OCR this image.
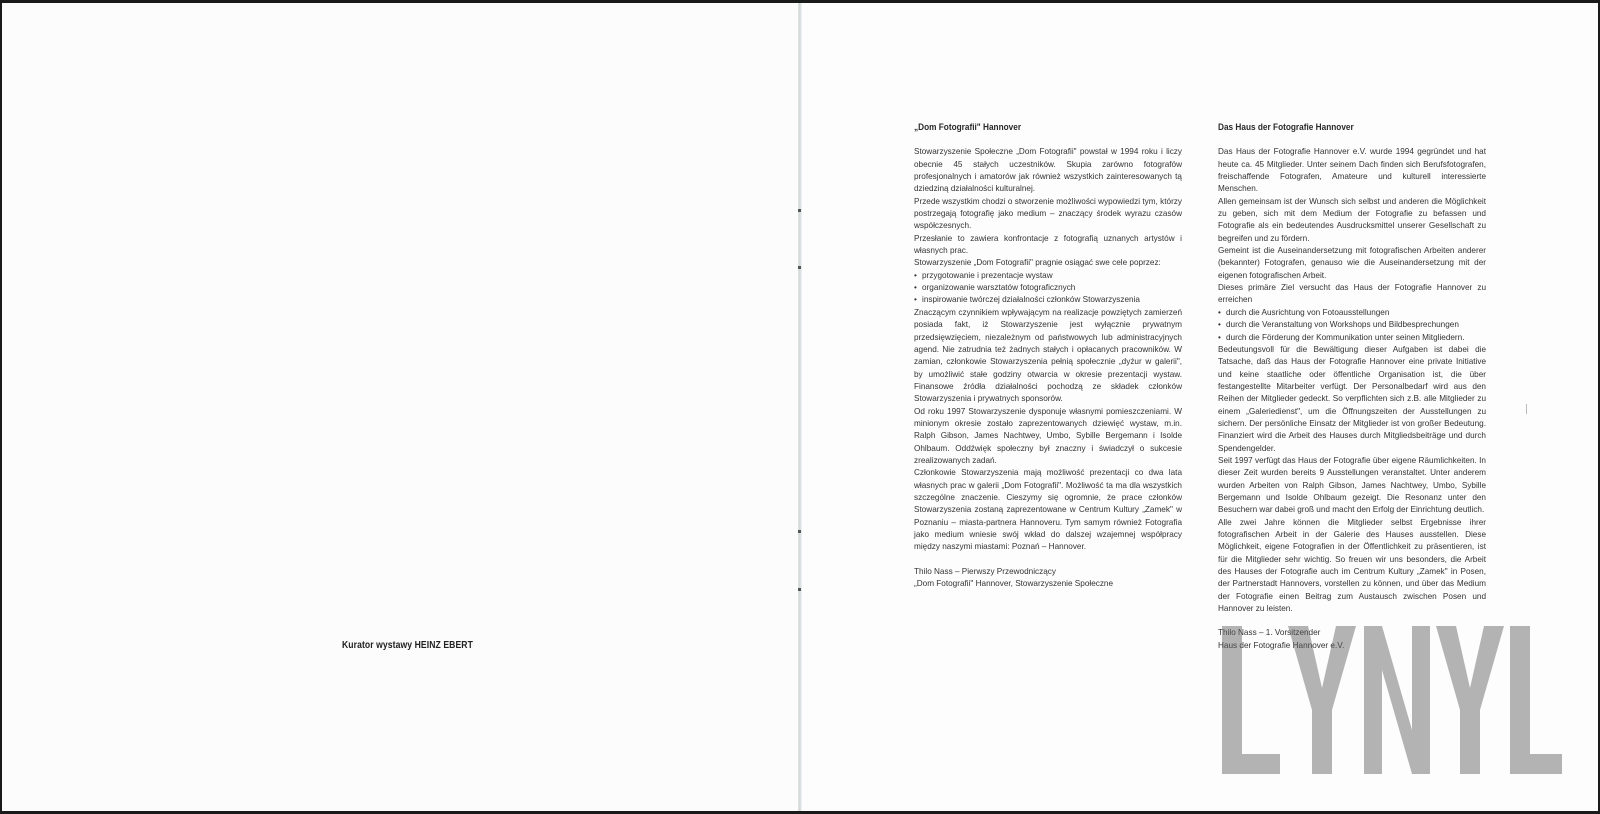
Kurator wystawy HEINZ EBERT
„Dom Fotografii" Hannover

Stowarzyszenie Społeczne „Dom Fotografii" powstał w 1994 roku i liczy obecnie 45 stałych uczestników. Skupia zarówno fotografów profesjonalnych i amatorów jak również wszystkich zainteresowanych tą dziedziną działalności kulturalnej.

Przede wszystkim chodzi o stworzenie możliwości wypowiedzi tym, którzy postrzegają fotografię jako medium – znaczący środek wyrazu czasów współczesnych.

Przesłanie to zawiera konfrontacje z fotografią uznanych artystów i własnych prac.

Stowarzyszenie „Dom Fotografii" pragnie osiągać swe cele poprzez:

• przygotowanie i prezentacje wystaw
• organizowanie warsztatów fotograficznych
• inspirowanie twórczej działalności członków Stowarzyszenia

Znaczącym czynnikiem wpływającym na realizacje powziętych zamierzeń posiada fakt, iż Stowarzyszenie jest wyłącznie prywatnym przedsięwzięciem, niezależnym od państwowych lub administracyjnych agend. Nie zatrudnia też żadnych stałych i opłacanych pracowników. W zamian, członkowie Stowarzyszenia pełnią społecznie „dyżur w galerii", by umożliwić stałe godziny otwarcia w okresie prezentacji wystaw. Finansowe źródła działalności pochodzą ze składek członków Stowarzyszenia i prywatnych sponsorów.

Od roku 1997 Stowarzyszenie dysponuje własnymi pomieszczeniami. W minionym okresie zostało zaprezentowanych dziewięć wystaw, m.in. Ralph Gibson, James Nachtwey, Umbo, Sybille Bergemann i Isolde Ohlbaum. Oddźwięk społeczny był znaczny i świadczył o sukcesie zrealizowanych zadań.

Członkowie Stowarzyszenia mają możliwość prezentacji co dwa lata własnych prac w galerii „Dom Fotografii". Możliwość ta ma dla wszystkich szczególne znaczenie. Cieszymy się ogromnie, że prace członków Stowarzyszenia zostaną zaprezentowane w Centrum Kultury „Zamek" w Poznaniu – miasta-partnera Hannoveru. Tym samym również Fotografia jako medium wniesie swój wkład do dalszej wzajemnej współpracy między naszymi miastami: Poznań – Hannover.

Thilo Nass – Pierwszy Przewodniczący
„Dom Fotografii" Hannover, Stowarzyszenie Społeczne
Das Haus der Fotografie Hannover

Das Haus der Fotografie Hannover e.V. wurde 1994 gegründet und hat heute ca. 45 Mitglieder. Unter seinem Dach finden sich Berufsfotografen, freischaffende Fotografen, Amateure und kulturell interessierte Menschen.

Allen gemeinsam ist der Wunsch sich selbst und anderen die Möglichkeit zu geben, sich mit dem Medium der Fotografie zu befassen und Fotografie als ein bedeutendes Ausdrucksmittel unserer Gesellschaft zu begreifen und zu fördern.

Gemeint ist die Auseinandersetzung mit fotografischen Arbeiten anderer (bekannter) Fotografen, genauso wie die Auseinandersetzung mit der eigenen fotografischen Arbeit.

Dieses primäre Ziel versucht das Haus der Fotografie Hannover zu erreichen

• durch die Ausrichtung von Fotoausstellungen
• durch die Veranstaltung von Workshops und Bildbesprechungen
• durch die Förderung der Kommunikation unter seinen Mitgliedern.

Bedeutungsvoll für die Bewältigung dieser Aufgaben ist dabei die Tatsache, daß das Haus der Fotografie Hannover eine private Initiative und keine staatliche oder öffentliche Organisation ist, die über festangestellte Mitarbeiter verfügt. Der Personalbedarf wird aus den Reihen der Mitglieder gedeckt. So verpflichten sich z.B. alle Mitglieder zu einem „Galeriedienst", um die Öffnungszeiten der Ausstellungen zu sichern. Der persönliche Einsatz der Mitglieder ist von großer Bedeutung. Finanziert wird die Arbeit des Hauses durch Mitgliedsbeiträge und durch Spendengelder.

Seit 1997 verfügt das Haus der Fotografie über eigene Räumlichkeiten. In dieser Zeit wurden bereits 9 Ausstellungen veranstaltet. Unter anderem wurden Arbeiten von Ralph Gibson, James Nachtwey, Umbo, Sybille Bergemann und Isolde Ohlbaum gezeigt. Die Resonanz unter den Besuchern war dabei groß und macht den Erfolg der Einrichtung deutlich.

Alle zwei Jahre können die Mitglieder selbst Ergebnisse ihrer fotografischen Arbeit in der Galerie des Hauses ausstellen. Diese Möglichkeit, eigene Fotografien in der Öffentlichkeit zu präsentieren, ist für die Mitglieder sehr wichtig. So freuen wir uns besonders, die Arbeit des Hauses der Fotografie auch im Centrum Kultury „Zamek" in Posen, der Partnerstadt Hannovers, vorstellen zu können, und über das Medium der Fotografie einen Beitrag zum Austausch zwischen Posen und Hannover zu leisten.

Thilo Nass – 1. Vorsitzender
Haus der Fotografie Hannover e.V.
